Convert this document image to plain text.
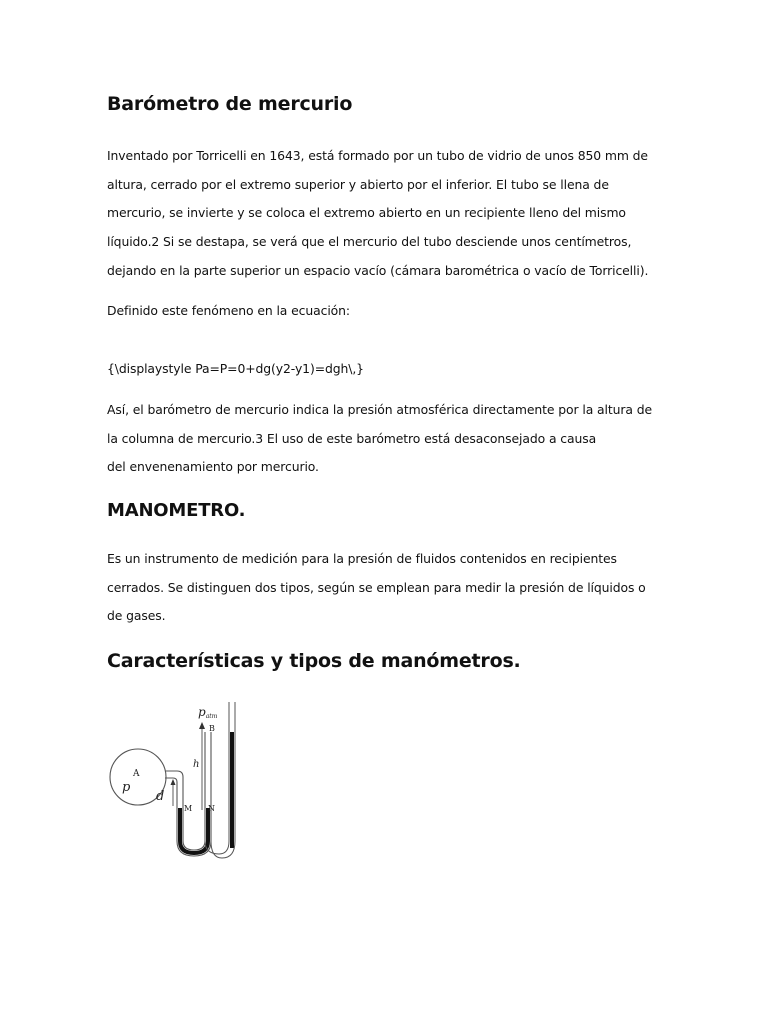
Barómetro de mercurio
Inventado por Torricelli en 1643, está formado por un tubo de vidrio de unos 850 mm de
altura, cerrado por el extremo superior y abierto por el inferior. El tubo se llena de
mercurio, se invierte y se coloca el extremo abierto en un recipiente lleno del mismo
líquido.2 Si se destapa, se verá que el mercurio del tubo desciende unos centímetros,
dejando en la parte superior un espacio vacío (cámara barométrica o vacío de Torricelli).
Definido este fenómeno en la ecuación:
{\displaystyle Pa=P=0+dg(y2-y1)=dgh\,}
Así, el barómetro de mercurio indica la presión atmosférica directamente por la altura de
la columna de mercurio.3 El uso de este barómetro está desaconsejado a causa
del envenenamiento por mercurio.
MANOMETRO.
Es un instrumento de medición para la presión de fluidos contenidos en recipientes
cerrados. Se distinguen dos tipos, según se emplean para medir la presión de líquidos o
de gases.
Características y tipos de manómetros.
patm
B
h
A
p
d
M N
